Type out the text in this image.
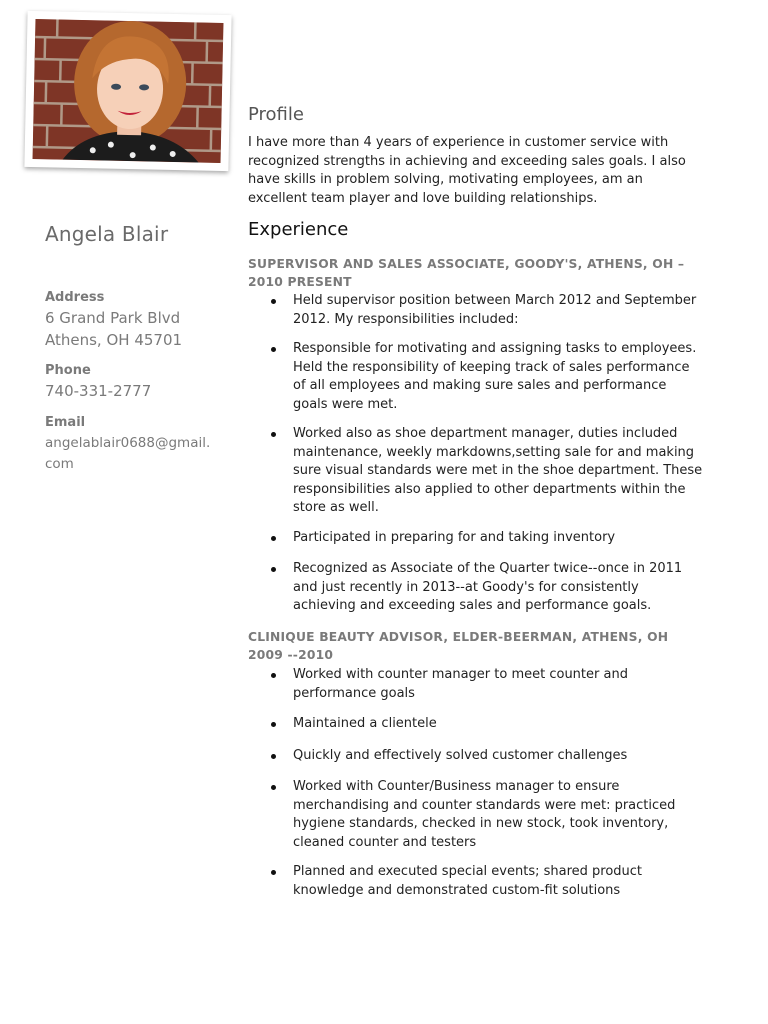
Angela Blair
Address
6 Grand Park Blvd
Athens, OH 45701
Phone
740-331-2777
Email
angelablair0688@gmail.com
Profile
I have more than 4 years of experience in customer service with recognized strengths in achieving and exceeding sales goals. I also have skills in problem solving, motivating employees, am an excellent team player and love building relationships.
Experience
SUPERVISOR AND SALES ASSOCIATE, GOODY'S, ATHENS, OH – 2010 PRESENT
Held supervisor position between March 2012 and September 2012. My responsibilities included:
Responsible for motivating and assigning tasks to employees. Held the responsibility of keeping track of sales performance of all employees and making sure sales and performance goals were met.
Worked also as shoe department manager, duties included maintenance, weekly markdowns,setting sale for and making sure visual standards were met in the shoe department. These responsibilities also applied to other departments within the store as well.
Participated in preparing for and taking inventory
Recognized as Associate of the Quarter twice--once in 2011 and just recently in 2013--at Goody's for consistently achieving and exceeding sales and performance goals.
CLINIQUE BEAUTY ADVISOR, ELDER-BEERMAN, ATHENS, OH 2009 --2010
Worked with counter manager to meet counter and performance goals
Maintained a clientele
Quickly and effectively solved customer challenges
Worked with Counter/Business manager to ensure merchandising and counter standards were met: practiced hygiene standards, checked in new stock, took inventory, cleaned counter and testers
Planned and executed special events; shared product knowledge and demonstrated custom-fit solutions
